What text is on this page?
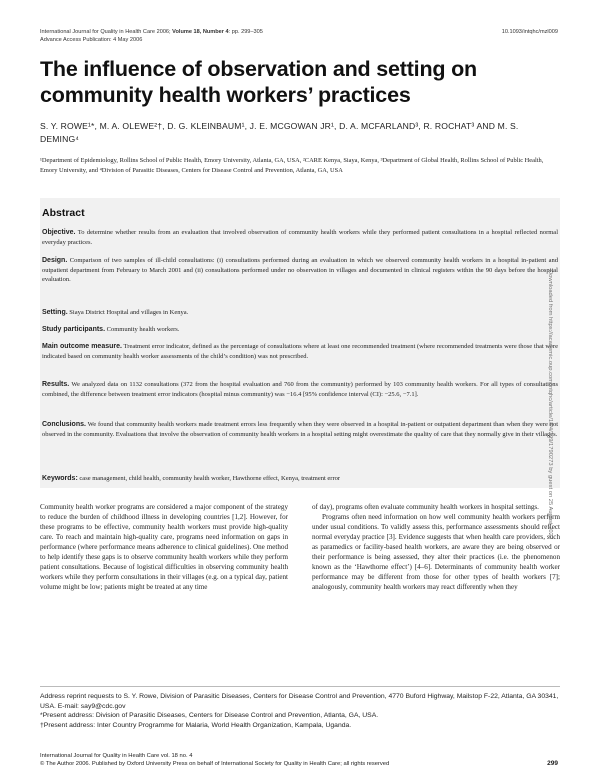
International Journal for Quality in Health Care 2006; Volume 18, Number 4: pp. 299–305
Advance Access Publication: 4 May 2006
10.1093/intqhc/mzl009
The influence of observation and setting on community health workers’ practices
S. Y. ROWE¹*, M. A. OLEWE²†, D. G. KLEINBAUM¹, J. E. MCGOWAN JR¹, D. A. MCFARLAND³, R. ROCHAT³ AND M. S. DEMING⁴
¹Department of Epidemiology, Rollins School of Public Health, Emory University, Atlanta, GA, USA, ²CARE Kenya, Siaya, Kenya, ³Department of Global Health, Rollins School of Public Health, Emory University, and ⁴Division of Parasitic Diseases, Centers for Disease Control and Prevention, Atlanta, GA, USA
Abstract
Objective. To determine whether results from an evaluation that involved observation of community health workers while they performed patient consultations in a hospital reflected normal everyday practices.
Design. Comparison of two samples of ill-child consultations: (i) consultations performed during an evaluation in which we observed community health workers in a hospital in-patient and outpatient department from February to March 2001 and (ii) consultations performed under no observation in villages and documented in clinical registers within the 90 days before the hospital evaluation.
Setting. Siaya District Hospital and villages in Kenya.
Study participants. Community health workers.
Main outcome measure. Treatment error indicator, defined as the percentage of consultations where at least one recommended treatment (where recommended treatments were those that were indicated based on community health worker assessments of the child’s condition) was not prescribed.
Results. We analyzed data on 1132 consultations (372 from the hospital evaluation and 760 from the community) performed by 103 community health workers. For all types of consultations combined, the difference between treatment error indicators (hospital minus community) was −16.4 [95% confidence interval (CI): −25.6, −7.1].
Conclusions. We found that community health workers made treatment errors less frequently when they were observed in a hospital in-patient or outpatient department than when they were not observed in the community. Evaluations that involve the observation of community health workers in a hospital setting might overestimate the quality of care that they normally give in their villages.
Keywords: case management, child health, community health worker, Hawthorne effect, Kenya, treatment error

Community health worker programs are considered a major component of the strategy to reduce the burden of childhood illness in developing countries [1,2]. However, for these programs to be effective, community health workers must provide high-quality care. To reach and maintain high-quality care, programs need information on gaps in performance (where performance means adherence to clinical guidelines). One method to help identify these gaps is to observe community health workers while they perform patient consultations. Because of logistical difficulties in observing community health workers while they perform consultations in their villages (e.g. on a typical day, patient volume might be low; patients might be treated at any time

of day), programs often evaluate community health workers in hospital settings.

Programs often need information on how well community health workers perform under usual conditions. To validly assess this, performance assessments should reflect normal everyday practice [3]. Evidence suggests that when health care providers, such as paramedics or facility-based health workers, are aware they are being observed or their performance is being assessed, they alter their practices (i.e. the phenomenon known as the ‘Hawthorne effect’) [4–6]. Determinants of community health worker performance may be different from those for other types of health workers [7]; analogously, community health workers may react differently when they

Address reprint requests to S. Y. Rowe, Division of Parasitic Diseases, Centers for Disease Control and Prevention, 4770 Buford Highway, Mailstop F-22, Atlanta, GA 30341, USA. E-mail: say9@cdc.gov
*Present address: Division of Parasitic Diseases, Centers for Disease Control and Prevention, Atlanta, GA, USA.
†Present address: Inter Country Programme for Malaria, World Health Organization, Kampala, Uganda.
International Journal for Quality in Health Care vol. 18 no. 4
© The Author 2006. Published by Oxford University Press on behalf of International Society for Quality in Health Care; all rights reserved	299
Downloaded from https://academic.oup.com/intqhc/article/18/4/299/1790273 by guest on 25 August 2022
